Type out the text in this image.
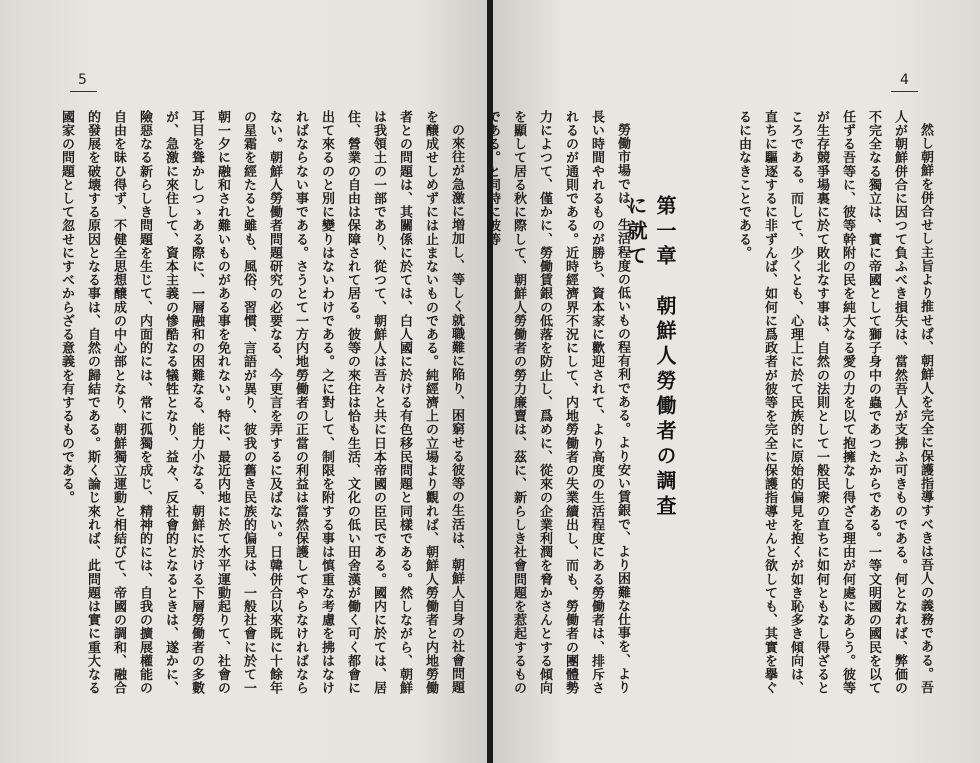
5

の來往が急激に増加し、等しく就職難に陥り、困窮せる彼等の生活は、朝鮮人自身の社會問題を醸成せしめずには止まないものである。純經濟上の立場より觀れば、朝鮮人勞働者と内地勞働者との問題は、其關係に於ては、白人國に於ける有色移民問題と同樣である。然しながら、朝鮮は我領土の一部であり、從つて、朝鮮人は吾々と共に日本帝國の臣民である。國内に於ては、居住、營業の自由は保障されて居る。彼等の來住は恰も生活、文化の低い田舍漢が働く可く都會に出て來るのと別に變りはないわけである。之に對して、制限を附する事は慎重な考慮を拂はなければならない事である。さうとて一方内地勞働者の正當の利益は當然保護してやらなければならない。朝鮮人勞働者問題研究の必要なる、今更言を弄するに及ばない。日韓併合以來既に十餘年の星霜を經たると雖も、風俗、習慣、言語が異り、彼我の舊き民族的偏見は、一般社會に於て一朝一夕に融和され難いものがある事を免れない。特に、最近内地に於て水平運動起りて、社會の耳目を聳かしつゝある際に、一層融和の困難なる、能力小なる、朝鮮に於ける下層勞働者の多數が、急激に來住して、資本主義の慘酷なる犠牲となり、益々、反社會的となるときは、遂かに、險惡なる新らしき問題を生じて、内面的には、常に孤獨を成じ、精神的には、自我の擴展權能の自由を昧ひ得ず、不健全思想醸成の中心部となり、朝鮮獨立運動と相結びて、帝國の調和、融合的發展を破壊する原因となる事は、自然の歸結である。斯く論じ來れば、此問題は實に重大なる國家の問題として忽せにすべからざる意義を有するものである。

4

然し朝鮮を併合せし主旨より推せば、朝鮮人を完全に保護指導すべきは吾人の義務である。吾人が朝鮮併合に因つて負ふべき損失は、當然吾人が支拂ふ可きものである。何となれば、弊価の不完全なる獨立は、實に帝國として獅子身中の蟲であつたからである。一等文明國の國民を以て任ずる吾等に、彼等幹附の民を純大なる愛の力を以て抱擁なし得ざる理由が何處にあらう。彼等が生存競爭場裏に於て敗北なす事は、自然の法則として一般民衆の直ちに如何ともなし得ざるところである。而して、少くとも、心理上に於て民族的に原始的偏見を抱くが如き恥多き傾向は、直ちに驅逐するに非ずんば、如何に爲政者が彼等を完全に保護指導せんと欲しても、其實を擧ぐるに由なきことである。

第一章　朝鮮人勞働者の調査に就て

勞働市場では、生活程度の低いもの程有利である。より安い賃銀で、より困難な仕事を、より長い時間やれるものが勝ち、資本家に歡迎されて、より高度の生活程度にある勞働者は、排斥されるのが通則である。近時經濟界不況にして、内地勞働者の失業續出し、而も、勞働者の團體勢力によつて、僅かに、勞働賃銀の低落を防止し、爲めに、從來の企業利潤を脅かさんとする傾向を顯して居る秋に際して、朝鮮人勞働者の勞力廉賣は、茲に、新らしき社會問題を惹起するものである。と同時に彼等
